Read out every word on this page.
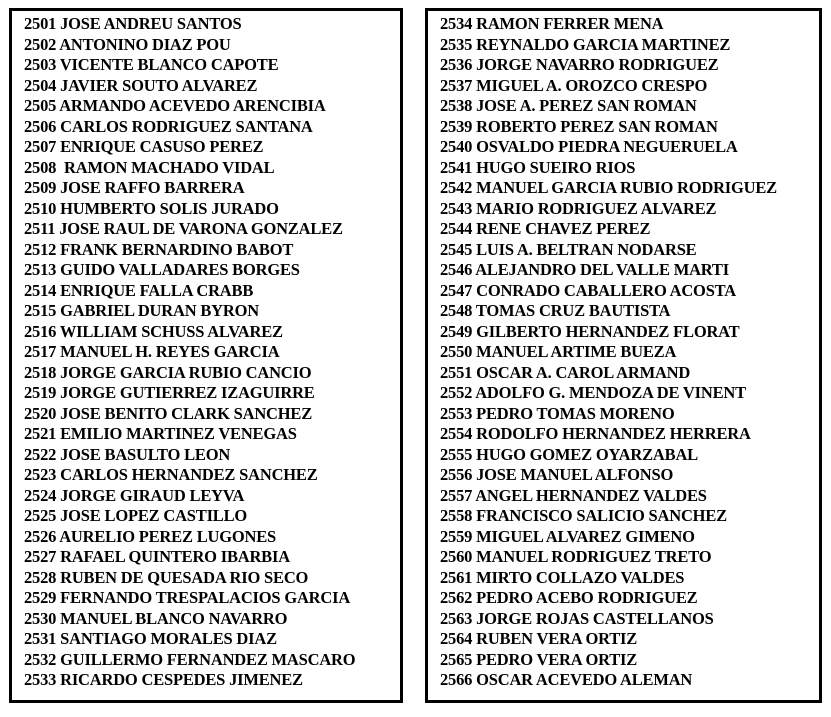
2501 JOSE ANDREU SANTOS
2502 ANTONINO DIAZ POU
2503 VICENTE BLANCO CAPOTE
2504 JAVIER SOUTO ALVAREZ
2505 ARMANDO ACEVEDO ARENCIBIA
2506 CARLOS RODRIGUEZ SANTANA
2507 ENRIQUE CASUSO PEREZ
2508  RAMON MACHADO VIDAL
2509 JOSE RAFFO BARRERA
2510 HUMBERTO SOLIS JURADO
2511 JOSE RAUL DE VARONA GONZALEZ
2512 FRANK BERNARDINO BABOT
2513 GUIDO VALLADARES BORGES
2514 ENRIQUE FALLA CRABB
2515 GABRIEL DURAN BYRON
2516 WILLIAM SCHUSS ALVAREZ
2517 MANUEL H. REYES GARCIA
2518 JORGE GARCIA RUBIO CANCIO
2519 JORGE GUTIERREZ IZAGUIRRE
2520 JOSE BENITO CLARK SANCHEZ
2521 EMILIO MARTINEZ VENEGAS
2522 JOSE BASULTO LEON
2523 CARLOS HERNANDEZ SANCHEZ
2524 JORGE GIRAUD LEYVA
2525 JOSE LOPEZ CASTILLO
2526 AURELIO PEREZ LUGONES
2527 RAFAEL QUINTERO IBARBIA
2528 RUBEN DE QUESADA RIO SECO
2529 FERNANDO TRESPALACIOS GARCIA
2530 MANUEL BLANCO NAVARRO
2531 SANTIAGO MORALES DIAZ
2532 GUILLERMO FERNANDEZ MASCARO
2533 RICARDO CESPEDES JIMENEZ
2534 RAMON FERRER MENA
2535 REYNALDO GARCIA MARTINEZ
2536 JORGE NAVARRO RODRIGUEZ
2537 MIGUEL A. OROZCO CRESPO
2538 JOSE A. PEREZ SAN ROMAN
2539 ROBERTO PEREZ SAN ROMAN
2540 OSVALDO PIEDRA NEGUERUELA
2541 HUGO SUEIRO RIOS
2542 MANUEL GARCIA RUBIO RODRIGUEZ
2543 MARIO RODRIGUEZ ALVAREZ
2544 RENE CHAVEZ PEREZ
2545 LUIS A. BELTRAN NODARSE
2546 ALEJANDRO DEL VALLE MARTI
2547 CONRADO CABALLERO ACOSTA
2548 TOMAS CRUZ BAUTISTA
2549 GILBERTO HERNANDEZ FLORAT
2550 MANUEL ARTIME BUEZA
2551 OSCAR A. CAROL ARMAND
2552 ADOLFO G. MENDOZA DE VINENT
2553 PEDRO TOMAS MORENO
2554 RODOLFO HERNANDEZ HERRERA
2555 HUGO GOMEZ OYARZABAL
2556 JOSE MANUEL ALFONSO
2557 ANGEL HERNANDEZ VALDES
2558 FRANCISCO SALICIO SANCHEZ
2559 MIGUEL ALVAREZ GIMENO
2560 MANUEL RODRIGUEZ TRETO
2561 MIRTO COLLAZO VALDES
2562 PEDRO ACEBO RODRIGUEZ
2563 JORGE ROJAS CASTELLANOS
2564 RUBEN VERA ORTIZ
2565 PEDRO VERA ORTIZ
2566 OSCAR ACEVEDO ALEMAN
